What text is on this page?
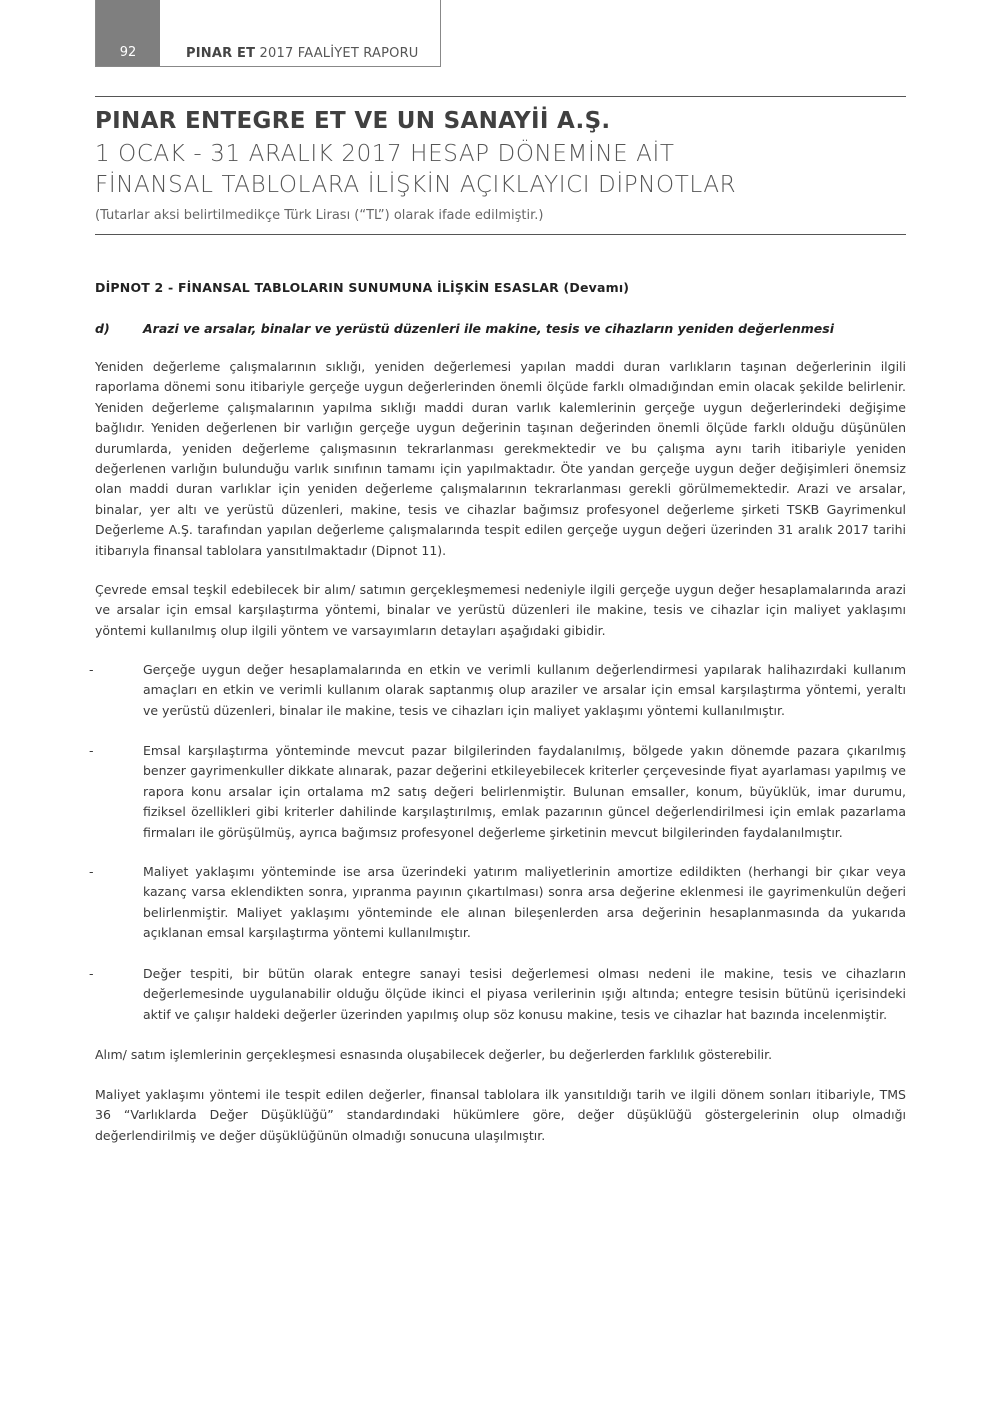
92	PINAR ET 2017 FAALİYET RAPORU
PINAR ENTEGRE ET VE UN SANAYİİ A.Ş.
1 OCAK - 31 ARALIK 2017 HESAP DÖNEMİNE AİT
FİNANSAL TABLOLARA İLİŞKİN AÇIKLAYICI DİPNOTLAR
(Tutarlar aksi belirtilmedikçe Türk Lirası (“TL”) olarak ifade edilmiştir.)
DİPNOT 2 - FİNANSAL TABLOLARIN SUNUMUNA İLİŞKİN ESASLAR (Devamı)
d)	Arazi ve arsalar, binalar ve yerüstü düzenleri ile makine, tesis ve cihazların yeniden değerlenmesi

Yeniden değerleme çalışmalarının sıklığı, yeniden değerlemesi yapılan maddi duran varlıkların taşınan değerlerinin ilgili raporlama dönemi sonu itibariyle gerçeğe uygun değerlerinden önemli ölçüde farklı olmadığından emin olacak şekilde belirlenir. Yeniden değerleme çalışmalarının yapılma sıklığı maddi duran varlık kalemlerinin gerçeğe uygun değerlerindeki değişime bağlıdır. Yeniden değerlenen bir varlığın gerçeğe uygun değerinin taşınan değerinden önemli ölçüde farklı olduğu düşünülen durumlarda, yeniden değerleme çalışmasının tekrarlanması gerekmektedir ve bu çalışma aynı tarih itibariyle yeniden değerlenen varlığın bulunduğu varlık sınıfının tamamı için yapılmaktadır. Öte yandan gerçeğe uygun değer değişimleri önemsiz olan maddi duran varlıklar için yeniden değerleme çalışmalarının tekrarlanması gerekli görülmemektedir. Arazi ve arsalar, binalar, yer altı ve yerüstü düzenleri, makine, tesis ve cihazlar bağımsız profesyonel değerleme şirketi TSKB Gayrimenkul Değerleme A.Ş. tarafından yapılan değerleme çalışmalarında tespit edilen gerçeğe uygun değeri üzerinden 31 aralık 2017 tarihi itibarıyla finansal tablolara yansıtılmaktadır (Dipnot 11).

Çevrede emsal teşkil edebilecek bir alım/ satımın gerçekleşmemesi nedeniyle ilgili gerçeğe uygun değer hesaplamalarında arazi ve arsalar için emsal karşılaştırma yöntemi, binalar ve yerüstü düzenleri ile makine, tesis ve cihazlar için maliyet yaklaşımı yöntemi kullanılmış olup ilgili yöntem ve varsayımların detayları aşağıdaki gibidir.

-	Gerçeğe uygun değer hesaplamalarında en etkin ve verimli kullanım değerlendirmesi yapılarak halihazırdaki kullanım amaçları en etkin ve verimli kullanım olarak saptanmış olup araziler ve arsalar için emsal karşılaştırma yöntemi, yeraltı ve yerüstü düzenleri, binalar ile makine, tesis ve cihazları için maliyet yaklaşımı yöntemi kullanılmıştır.

-	Emsal karşılaştırma yönteminde mevcut pazar bilgilerinden faydalanılmış, bölgede yakın dönemde pazara çıkarılmış benzer gayrimenkuller dikkate alınarak, pazar değerini etkileyebilecek kriterler çerçevesinde fiyat ayarlaması yapılmış ve rapora konu arsalar için ortalama m2 satış değeri belirlenmiştir. Bulunan emsaller, konum, büyüklük, imar durumu, fiziksel özellikleri gibi kriterler dahilinde karşılaştırılmış, emlak pazarının güncel değerlendirilmesi için emlak pazarlama firmaları ile görüşülmüş, ayrıca bağımsız profesyonel değerleme şirketinin mevcut bilgilerinden faydalanılmıştır.

-	Maliyet yaklaşımı yönteminde ise arsa üzerindeki yatırım maliyetlerinin amortize edildikten (herhangi bir çıkar veya kazanç varsa eklendikten sonra, yıpranma payının çıkartılması) sonra arsa değerine eklenmesi ile gayrimenkulün değeri belirlenmiştir. Maliyet yaklaşımı yönteminde ele alınan bileşenlerden arsa değerinin hesaplanmasında da yukarıda açıklanan emsal karşılaştırma yöntemi kullanılmıştır.

-	Değer tespiti, bir bütün olarak entegre sanayi tesisi değerlemesi olması nedeni ile makine, tesis ve cihazların değerlemesinde uygulanabilir olduğu ölçüde ikinci el piyasa verilerinin ışığı altında; entegre tesisin bütünü içerisindeki aktif ve çalışır haldeki değerler üzerinden yapılmış olup söz konusu makine, tesis ve cihazlar hat bazında incelenmiştir.

Alım/ satım işlemlerinin gerçekleşmesi esnasında oluşabilecek değerler, bu değerlerden farklılık gösterebilir.

Maliyet yaklaşımı yöntemi ile tespit edilen değerler, finansal tablolara ilk yansıtıldığı tarih ve ilgili dönem sonları itibariyle, TMS 36 “Varlıklarda Değer Düşüklüğü” standardındaki hükümlere göre, değer düşüklüğü göstergelerinin olup olmadığı değerlendirilmiş ve değer düşüklüğünün olmadığı sonucuna ulaşılmıştır.
